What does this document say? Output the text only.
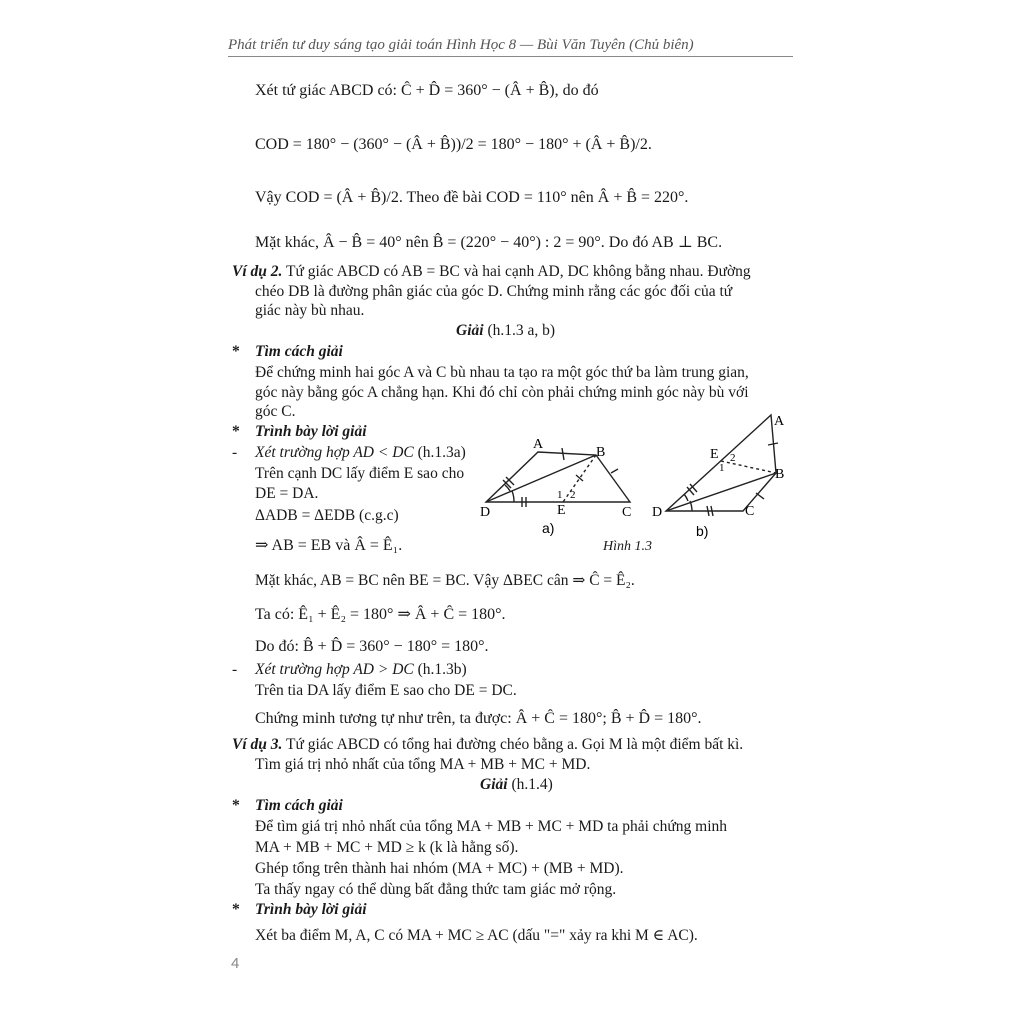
Phát triển tư duy sáng tạo giải toán Hình Học 8 — Bùi Văn Tuyên (Chủ biên)
Xét tứ giác ABCD có: Ĉ + D̂ = 360° − (Â + B̂), do đó
COD = 180° − (360° − (Â + B̂))/2 = 180° − 180° + (Â + B̂)/2.
Vậy COD = (Â + B̂)/2. Theo đề bài COD = 110° nên Â + B̂ = 220°.
Mặt khác, Â − B̂ = 40° nên B̂ = (220° − 40°) : 2 = 90°. Do đó AB ⊥ BC.
Ví dụ 2. Tứ giác ABCD có AB = BC và hai cạnh AD, DC không bằng nhau. Đường
chéo DB là đường phân giác của góc D. Chứng minh rằng các góc đối của tứ
giác này bù nhau.
Giải (h.1.3 a, b)
* Tìm cách giải
Để chứng minh hai góc A và C bù nhau ta tạo ra một góc thứ ba làm trung gian,
góc này bằng góc A chẳng hạn. Khi đó chỉ còn phải chứng minh góc này bù với
góc C.
* Trình bày lời giải
- Xét trường hợp AD < DC (h.1.3a)
Trên cạnh DC lấy điểm E sao cho
DE = DA.
ΔADB = ΔEDB (c.g.c)
⇒ AB = EB và Â = Ê₁.
A
B
C
D	E
1 2
a)
A
B
C
D
E
1
2
b)
Hình 1.3
Mặt khác, AB = BC nên BE = BC. Vậy ΔBEC cân ⇒ Ĉ = Ê₂.
Ta có: Ê₁ + Ê₂ = 180° ⇒ Â + Ĉ = 180°.
Do đó: B̂ + D̂ = 360° − 180° = 180°.
- Xét trường hợp AD > DC (h.1.3b)
Trên tia DA lấy điểm E sao cho DE = DC.
Chứng minh tương tự như trên, ta được: Â + Ĉ = 180°; B̂ + D̂ = 180°.
Ví dụ 3. Tứ giác ABCD có tổng hai đường chéo bằng a. Gọi M là một điểm bất kì.
Tìm giá trị nhỏ nhất của tổng MA + MB + MC + MD.
Giải (h.1.4)
* Tìm cách giải
Để tìm giá trị nhỏ nhất của tổng MA + MB + MC + MD ta phải chứng minh
MA + MB + MC + MD ≥ k (k là hằng số).
Ghép tổng trên thành hai nhóm (MA + MC) + (MB + MD).
Ta thấy ngay có thể dùng bất đẳng thức tam giác mở rộng.
* Trình bày lời giải
Xét ba điểm M, A, C có MA + MC ≥ AC (dấu "=" xảy ra khi M ∈ AC).
4
